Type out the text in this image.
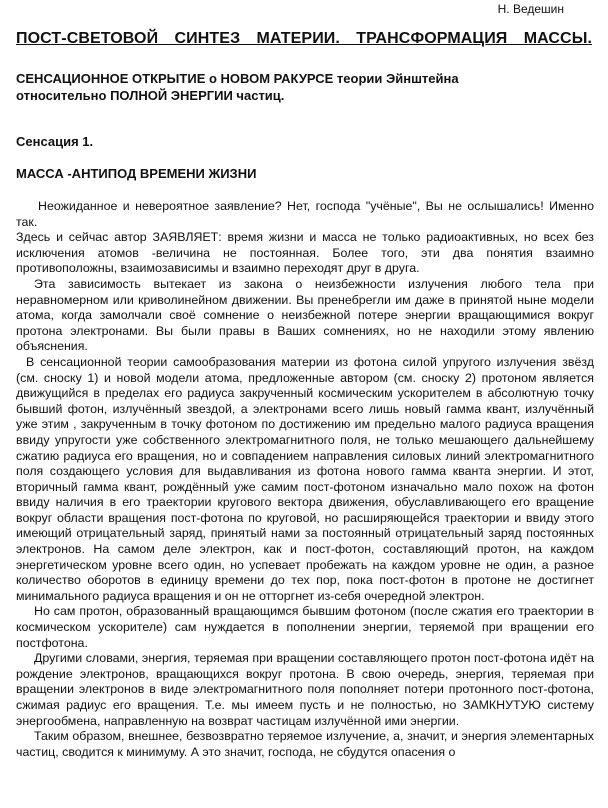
Н. Ведешин
ПОСТ-СВЕТОВОЙ СИНТЕЗ МАТЕРИИ. ТРАНСФОРМАЦИЯ МАССЫ.
СЕНСАЦИОННОЕ ОТКРЫТИЕ о НОВОМ РАКУРСЕ теории Эйнштейна
относительно ПОЛНОЙ ЭНЕРГИИ частиц.
Сенсация 1.
МАССА -АНТИПОД ВРЕМЕНИ ЖИЗНИ

Неожиданное и невероятное заявление? Нет, господа "учёные", Вы не ослышались! Именно так.

Здесь и сейчас автор ЗАЯВЛЯЕТ: время жизни и масса не только радиоактивных, но всех без исключения атомов -величина не постоянная. Более того, эти два понятия взаимно противоположны, взаимозависимы и взаимно переходят друг в друга.

Эта зависимость вытекает из закона о неизбежности излучения любого тела при неравномерном или криволинейном движении. Вы пренебрегли им даже в принятой ныне модели атома, когда замолчали своё сомнение о неизбежной потере энергии вращающимися вокруг протона электронами. Вы были правы в Ваших сомнениях, но не находили этому явлению объяснения.

В сенсационной теории самообразования материи из фотона силой упругого излучения звёзд (см. сноску 1) и новой модели атома, предложенные автором (см. сноску 2) протоном является движущийся в пределах его радиуса закрученный космическим ускорителем в абсолютную точку бывший фотон, излучённый звездой, а электронами всего лишь новый гамма квант, излучённый уже этим , закрученным в точку фотоном по достижению им предельно малого радиуса вращения ввиду упругости уже собственного электромагнитного поля, не только мешающего дальнейшему сжатию радиуса его вращения, но и совпадением направления силовых линий электромагнитного поля создающего условия для выдавливания из фотона нового гамма кванта энергии. И этот, вторичный гамма квант, рождённый уже самим пост-фотоном изначально мало похож на фотон ввиду наличия в его траектории кругового вектора движения, обуславливающего его вращение вокруг области вращения пост-фотона по круговой, но расширяющейся траектории и ввиду этого имеющий отрицательный заряд, принятый нами за постоянный отрицательный заряд постоянных электронов. На самом деле электрон, как и пост-фотон, составляющий протон, на каждом энергетическом уровне всего один, но успевает пробежать на каждом уровне не один, а разное количество оборотов в единицу времени до тех пор, пока пост-фотон в протоне не достигнет минимального радиуса вращения и он не отторгнет из-себя очередной электрон.

Но сам протон, образованный вращающимся бывшим фотоном (после сжатия его траектории в космическом ускорителе) сам нуждается в пополнении энергии, теряемой при вращении его постфотона.

Другими словами, энергия, теряемая при вращении составляющего протон пост-фотона идёт на рождение электронов, вращающихся вокруг протона. В свою очередь, энергия, теряемая при вращении электронов в виде электромагнитного поля пополняет потери протонного пост-фотона, сжимая радиус его вращения. Т.е. мы имеем пусть и не полностью, но ЗАМКНУТУЮ систему энергообмена, направленную на возврат частицам излучённой ими энергии.

Таким образом, внешнее, безвозвратно теряемое излучение, а, значит, и энергия элементарных частиц, сводится к минимуму. А это значит, господа, не сбудутся опасения о
